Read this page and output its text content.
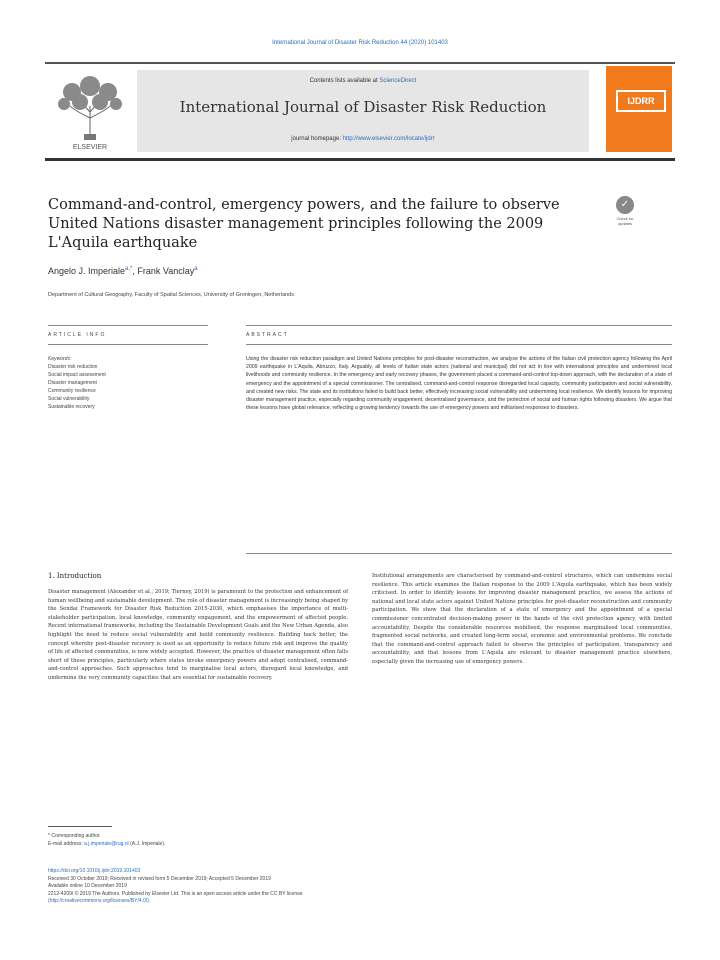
International Journal of Disaster Risk Reduction 44 (2020) 101403
ELSEVIER
Contents lists available at ScienceDirect
International Journal of Disaster Risk Reduction
journal homepage: http://www.elsevier.com/locate/ijdrr
IJDRR
Command-and-control, emergency powers, and the failure to observe United Nations disaster management principles following the 2009 L'Aquila earthquake
✓
Check for updates
Angelo J. Imperiale$^{a,*}$, Frank Vanclay$^a$
Department of Cultural Geography, Faculty of Spatial Sciences, University of Groningen, Netherlands
ARTICLE INFO	ABSTRACT
Keywords:
Disaster risk reduction
Social impact assessment
Disaster management
Community resilience
Social vulnerability
Sustainable recovery
Using the disaster risk reduction paradigm and United Nations principles for post-disaster reconstruction, we analyse the actions of the Italian civil protection agency following the April 2009 earthquake in L'Aquila, Abruzzo, Italy. Arguably, all levels of Italian state actors (national and municipal) did not act in line with international principles and undermined local livelihoods and community resilience. In the emergency and early recovery phases, the government placed a command-and-control top-down approach, with the declaration of a state of emergency and the appointment of a special commissioner. The centralised, command-and-control response disregarded local capacity, community participation and social vulnerability, and created new risks. The state and its institutions failed to build back better, effectively increasing social vulnerability and undermining local resilience. We identify lessons for improving disaster management practice, especially regarding community engagement, decentralised governance, and the protection of social and human rights following disasters. We argue that these lessons have global relevance, reflecting a growing tendency towards the use of emergency powers and militarised responses to disasters.
1. Introduction
Disaster management (Alexander et al., 2019; Tierney, 2019) is paramount to the protection and enhancement of human wellbeing and sustainable development. The role of disaster management is increasingly being shaped by the Sendai Framework for Disaster Risk Reduction 2015-2030, which emphasises the importance of multi-stakeholder participation, local knowledge, community engagement, and the empowerment of affected people. Recent international frameworks, including the Sustainable Development Goals and the New Urban Agenda, also highlight the need to reduce social vulnerability and build community resilience. Building back better, the concept whereby post-disaster recovery is used as an opportunity to reduce future risk and improve the quality of life of affected communities, is now widely accepted. However, the practice of disaster management often falls short of these principles, particularly where states invoke emergency powers and adopt centralised, command-and-control approaches. Such approaches tend to marginalise local actors, disregard local knowledge, and undermine the very community capacities that are essential for sustainable recovery.
Institutional arrangements are characterised by command-and-control structures, which can undermine social resilience. This article examines the Italian response to the 2009 L'Aquila earthquake, which has been widely criticised. In order to identify lessons for improving disaster management practice, we assess the actions of national and local state actors against United Nations principles for post-disaster reconstruction and community participation. We show that the declaration of a state of emergency and the appointment of a special commissioner concentrated decision-making power in the hands of the civil protection agency, with limited accountability. Despite the considerable resources mobilised, the response marginalised local communities, fragmented social networks, and created long-term social, economic and environmental problems. We conclude that the command-and-control approach failed to observe the principles of participation, transparency and accountability, and that lessons from L'Aquila are relevant to disaster management practice elsewhere, especially given the increasing use of emergency powers.
* Corresponding author.
E-mail address: a.j.imperiale@rug.nl (A.J. Imperiale).
https://doi.org/10.1016/j.ijdrr.2019.101403
Received 30 October 2019; Received in revised form 5 December 2019; Accepted 5 December 2019
Available online 10 December 2019
2212-4209/ © 2019 The Authors. Published by Elsevier Ltd. This is an open access article under the CC BY license
(http://creativecommons.org/licenses/BY/4.0/).
